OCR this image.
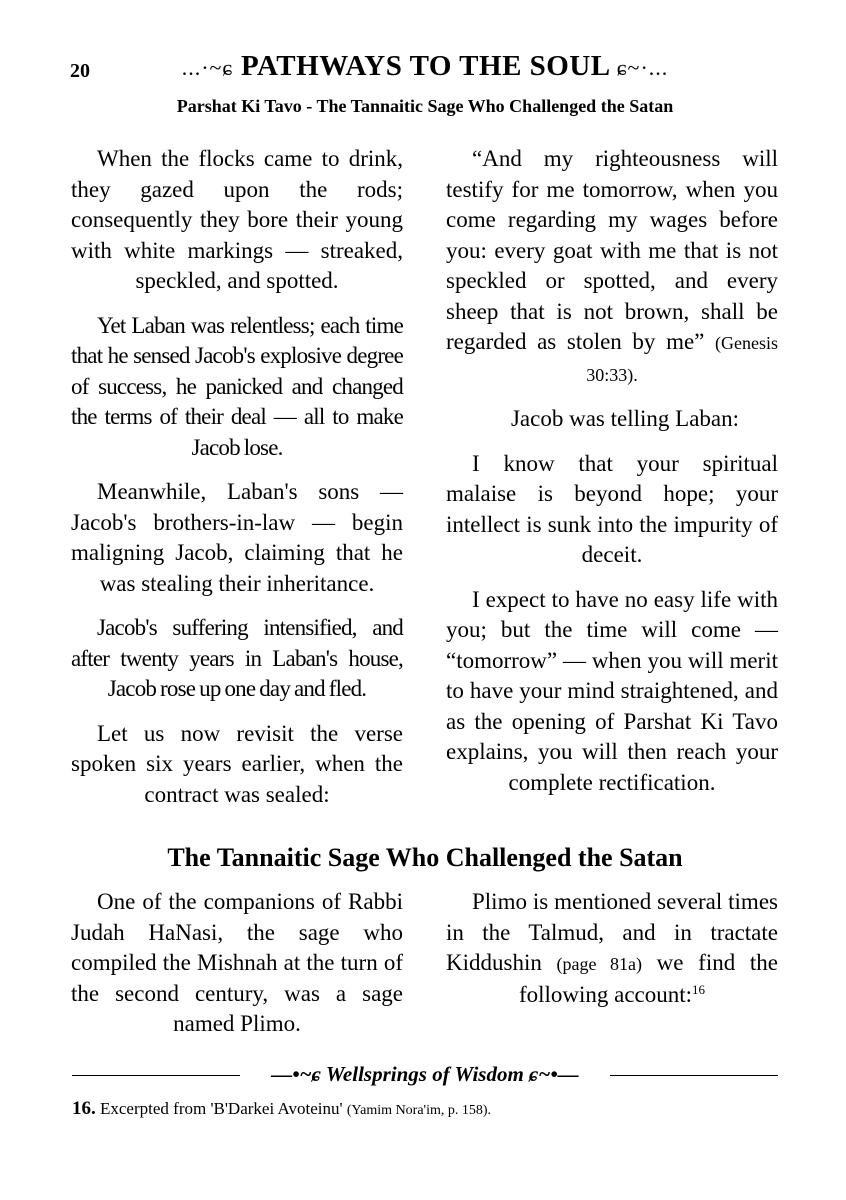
20	...·~ɕ PATHWAYS TO THE SOUL ɕ~·...
Parshat Ki Tavo - The Tannaitic Sage Who Challenged the Satan

When the flocks came to drink, they gazed upon the rods; consequently they bore their young with white markings — streaked, speckled, and spotted.

Yet Laban was relentless; each time that he sensed Jacob's explosive degree of success, he panicked and changed the terms of their deal — all to make Jacob lose.

Meanwhile, Laban's sons — Jacob's brothers-in-law — begin maligning Jacob, claiming that he was stealing their inheritance.

Jacob's suffering intensified, and after twenty years in Laban's house, Jacob rose up one day and fled.

Let us now revisit the verse spoken six years earlier, when the contract was sealed:

“And my righteousness will testify for me tomorrow, when you come regarding my wages before you: every goat with me that is not speckled or spotted, and every sheep that is not brown, shall be regarded as stolen by me” (Genesis 30:33).

Jacob was telling Laban:

I know that your spiritual malaise is beyond hope; your intellect is sunk into the impurity of deceit.

I expect to have no easy life with you; but the time will come — “tomorrow” — when you will merit to have your mind straightened, and as the opening of Parshat Ki Tavo explains, you will then reach your complete rectification.

The Tannaitic Sage Who Challenged the Satan

One of the companions of Rabbi Judah HaNasi, the sage who compiled the Mishnah at the turn of the second century, was a sage named Plimo.

Plimo is mentioned several times in the Talmud, and in tractate Kiddushin (page 81a) we find the following account:$^{16}$

—•~ɕ Wellsprings of Wisdom ɕ~•—
16. Excerpted from 'B'Darkei Avoteinu' (Yamim Nora'im, p. 158).
